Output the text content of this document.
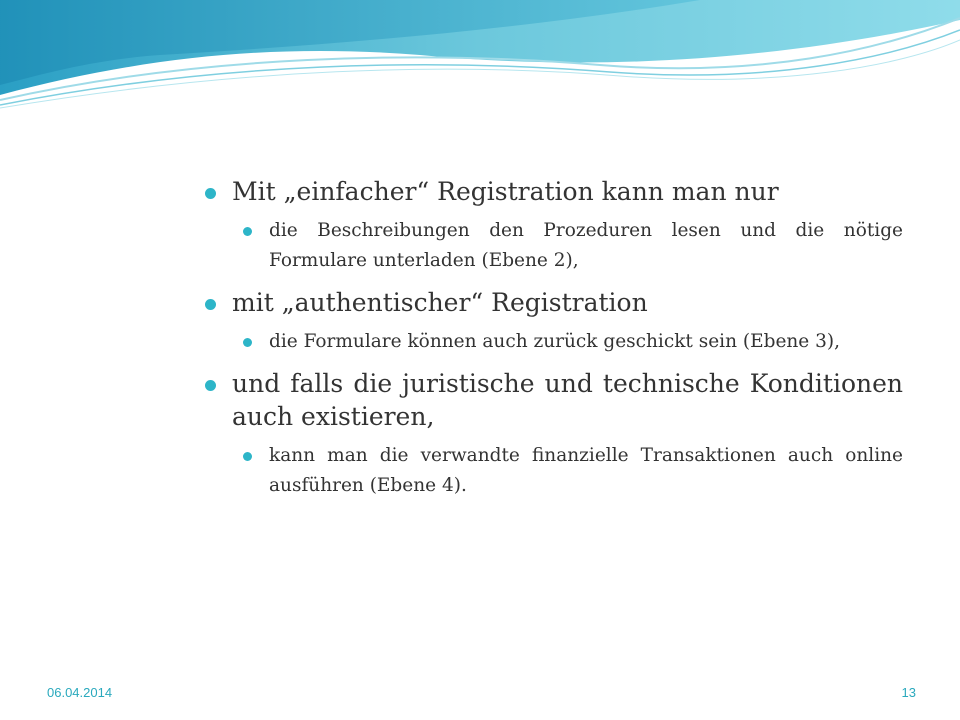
Mit „einfacher“ Registration kann man nur
die Beschreibungen den Prozeduren lesen und die nötige Formulare unterladen (Ebene 2),
mit „authentischer“ Registration
die Formulare können auch zurück geschickt sein (Ebene 3),
und falls die juristische und technische Konditionen auch existieren,
kann man die verwandte finanzielle Transaktionen auch online ausführen (Ebene 4).
06.04.2014	13
